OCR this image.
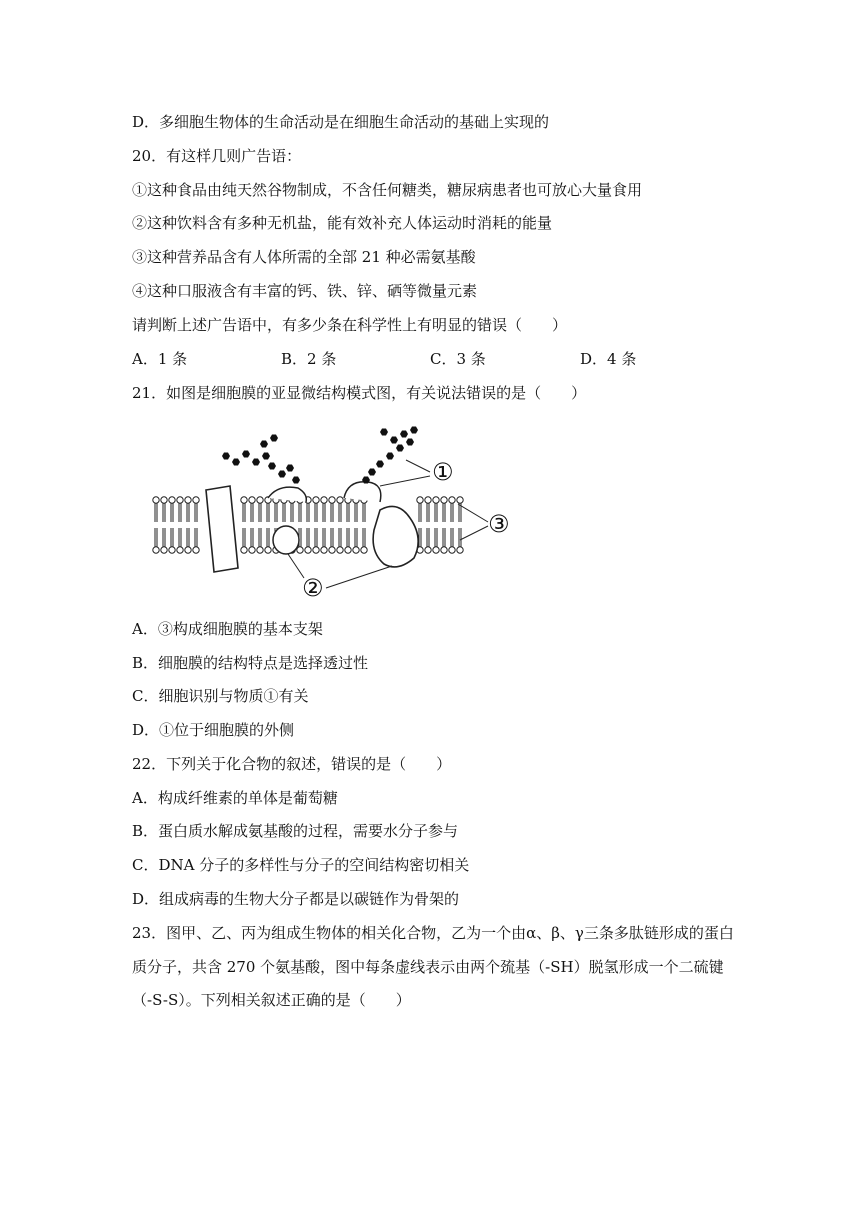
D．多细胞生物体的生命活动是在细胞生命活动的基础上实现的
20．有这样几则广告语：
①这种食品由纯天然谷物制成，不含任何糖类，糖尿病患者也可放心大量食用
②这种饮料含有多种无机盐，能有效补充人体运动时消耗的能量
③这种营养品含有人体所需的全部 21 种必需氨基酸
④这种口服液含有丰富的钙、铁、锌、硒等微量元素
请判断上述广告语中，有多少条在科学性上有明显的错误（　　）
A．1 条	B．2 条	C．3 条	D．4 条
21．如图是细胞膜的亚显微结构模式图，有关说法错误的是（　　）
①
②
③
A．③构成细胞膜的基本支架
B．细胞膜的结构特点是选择透过性
C．细胞识别与物质①有关
D．①位于细胞膜的外侧
22．下列关于化合物的叙述，错误的是（　　）
A．构成纤维素的单体是葡萄糖
B．蛋白质水解成氨基酸的过程，需要水分子参与
C．DNA 分子的多样性与分子的空间结构密切相关
D．组成病毒的生物大分子都是以碳链作为骨架的
23．图甲、乙、丙为组成生物体的相关化合物，乙为一个由α、β、γ三条多肽链形成的蛋白
质分子，共含 270 个氨基酸，图中每条虚线表示由两个巯基（-SH）脱氢形成一个二硫键
（-S-S）。下列相关叙述正确的是（　　）
